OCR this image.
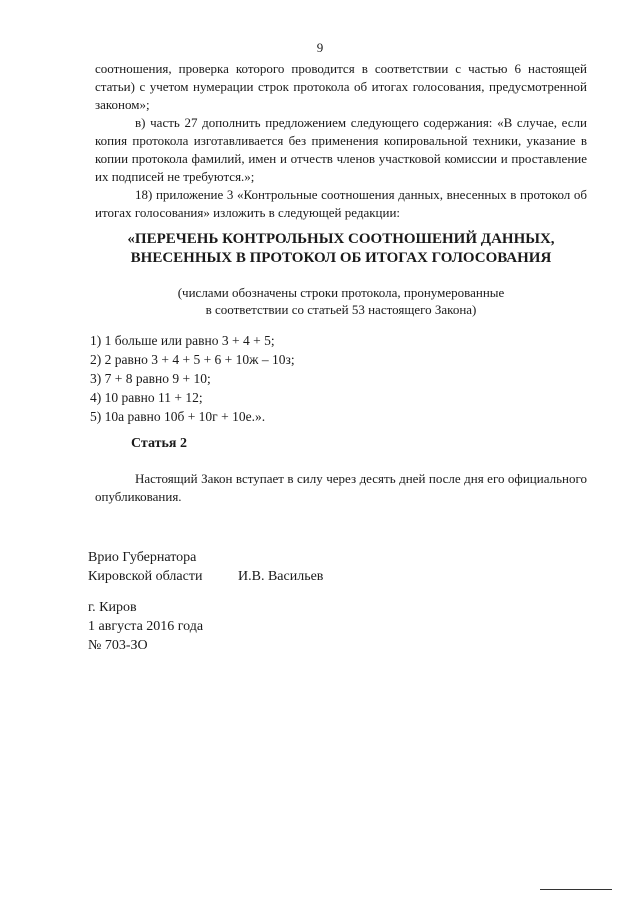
9

соотношения, проверка которого проводится в соответствии с частью 6 настоящей статьи) с учетом нумерации строк протокола об итогах голосования, предусмотренной законом»;

в) часть 27 дополнить предложением следующего содержания: «В случае, если копия протокола изготавливается без применения копировальной техники, указание в копии протокола фамилий, имен и отчеств членов участковой комиссии и проставление их подписей не требуются.»;

18) приложение 3 «Контрольные соотношения данных, внесенных в протокол об итогах голосования» изложить в следующей редакции:

«ПЕРЕЧЕНЬ КОНТРОЛЬНЫХ СООТНОШЕНИЙ ДАННЫХ,
ВНЕСЕННЫХ В ПРОТОКОЛ ОБ ИТОГАХ ГОЛОСОВАНИЯ
(числами обозначены строки протокола, пронумерованные
в соответствии со статьей 53 настоящего Закона)
1) 1 больше или равно 3 + 4 + 5;
2) 2 равно 3 + 4 + 5 + 6 + 10ж – 10з;
3) 7 + 8 равно 9 + 10;
4) 10 равно 11 + 12;
5) 10а равно 10б + 10г + 10е.».
Статья 2

Настоящий Закон вступает в силу через десять дней после дня его официального опубликования.

Врио Губернатора
Кировской области	И.В. Васильев
г. Киров
1 августа 2016 года
№ 703-ЗО
